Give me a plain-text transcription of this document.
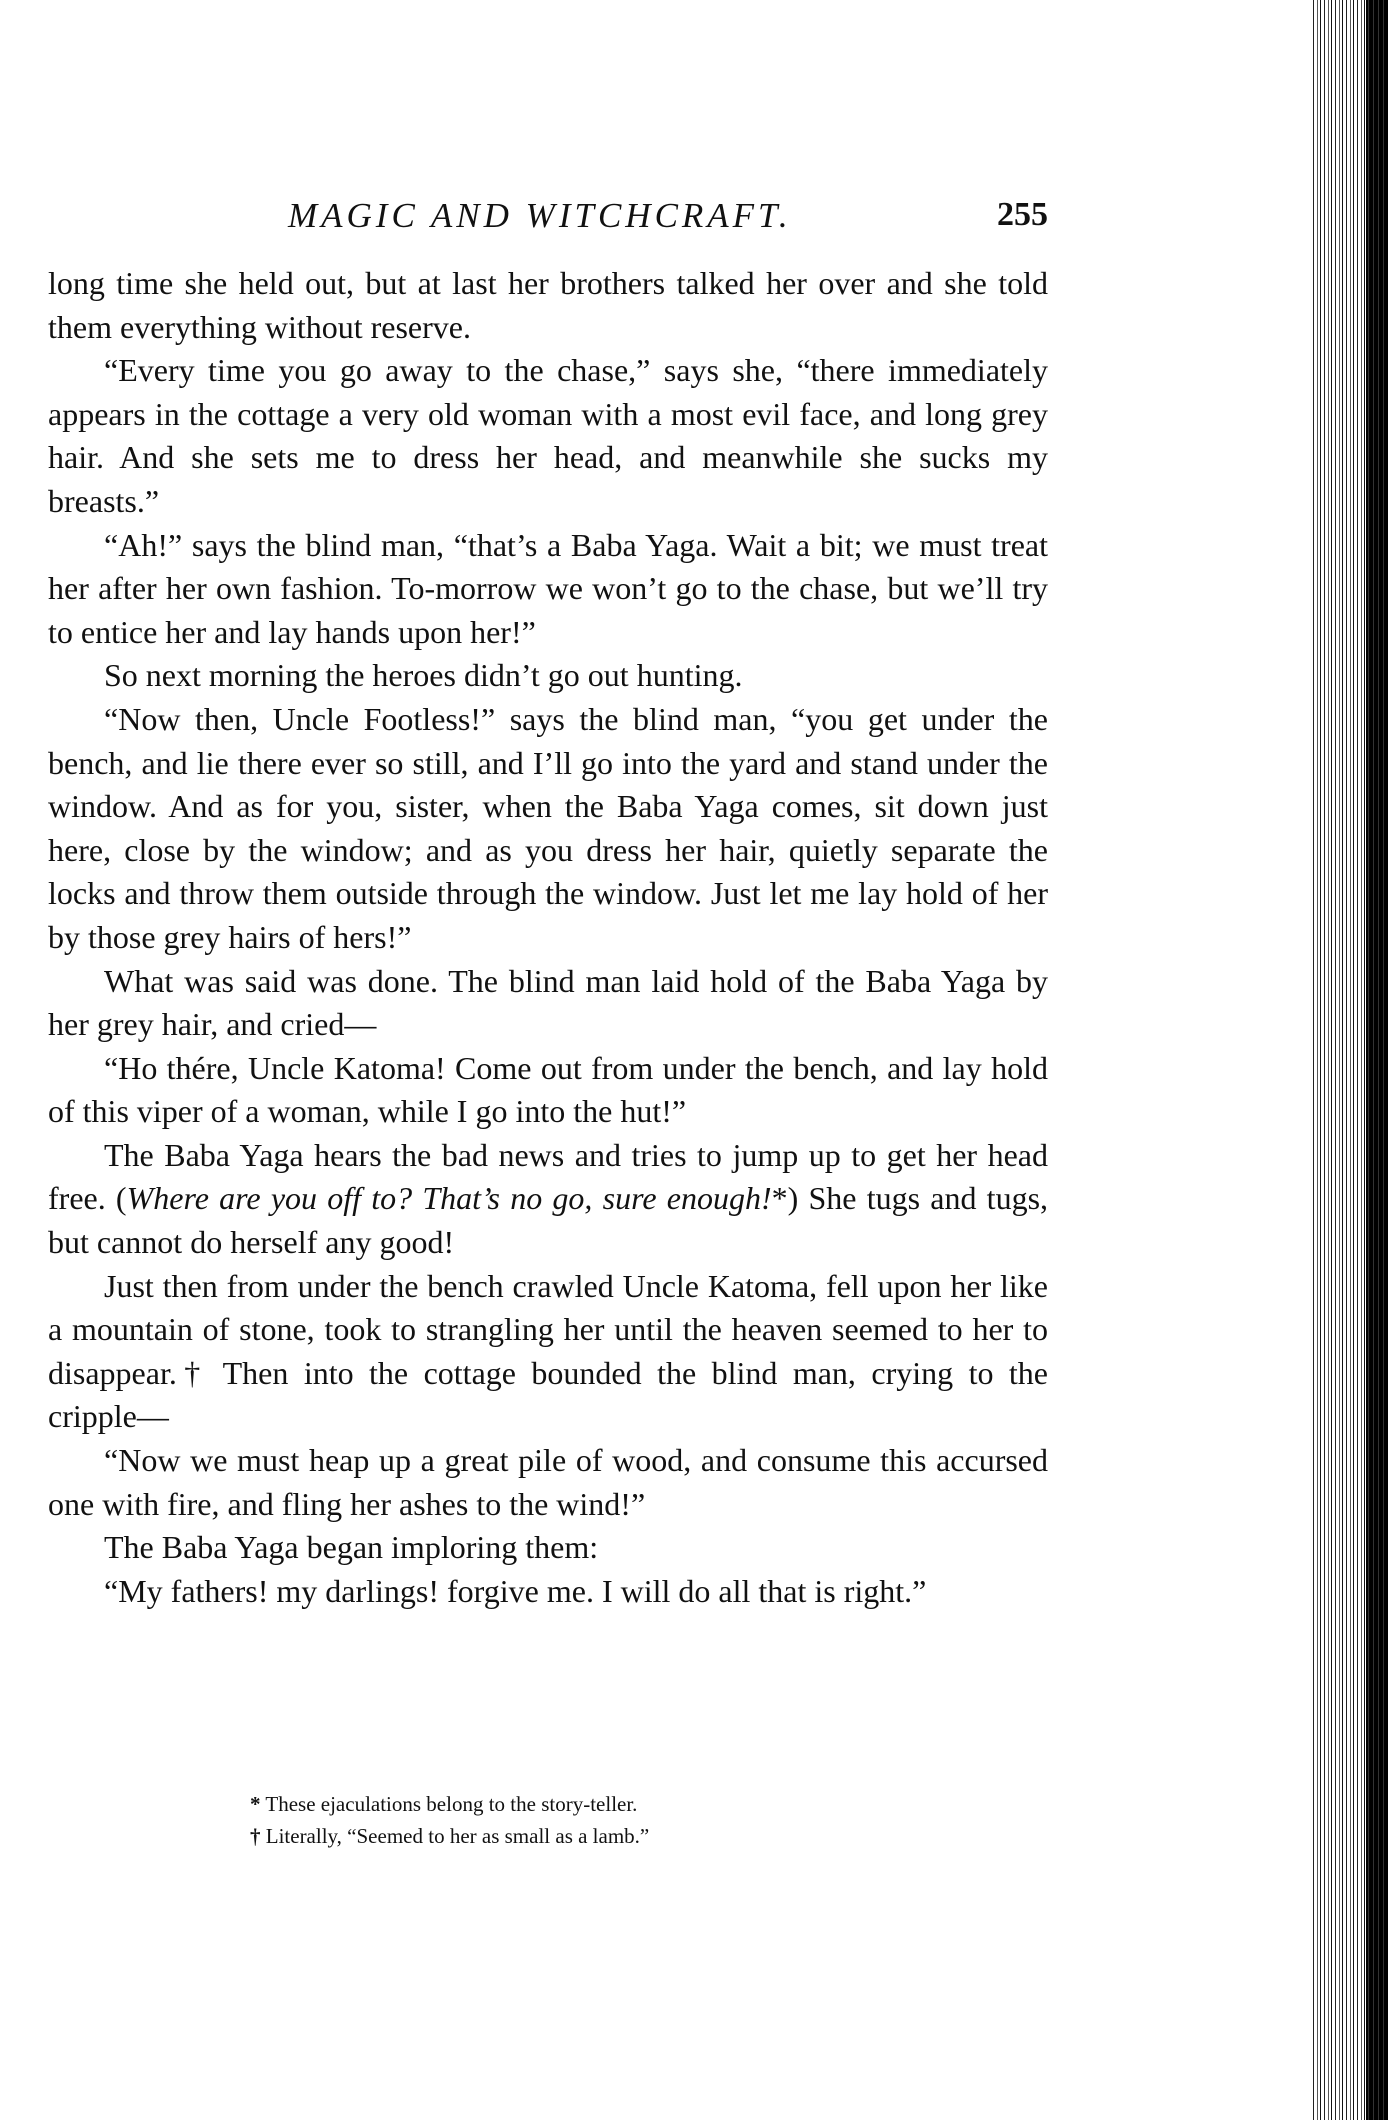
MAGIC AND WITCHCRAFT.	255

long time she held out, but at last her brothers talked her over and she told them everything without reserve.

“Every time you go away to the chase,” says she, “there immediately appears in the cottage a very old woman with a most evil face, and long grey hair. And she sets me to dress her head, and meanwhile she sucks my breasts.”

“Ah!” says the blind man, “that’s a Baba Yaga. Wait a bit; we must treat her after her own fashion. To-morrow we won’t go to the chase, but we’ll try to entice her and lay hands upon her!”

So next morning the heroes didn’t go out hunting.

“Now then, Uncle Footless!” says the blind man, “you get under the bench, and lie there ever so still, and I’ll go into the yard and stand under the window. And as for you, sister, when the Baba Yaga comes, sit down just here, close by the window; and as you dress her hair, quietly separate the locks and throw them outside through the window. Just let me lay hold of her by those grey hairs of hers!”

What was said was done. The blind man laid hold of the Baba Yaga by her grey hair, and cried—

“Ho thére, Uncle Katoma! Come out from under the bench, and lay hold of this viper of a woman, while I go into the hut!”

The Baba Yaga hears the bad news and tries to jump up to get her head free. (Where are you off to? That’s no go, sure enough!*) She tugs and tugs, but cannot do herself any good!

Just then from under the bench crawled Uncle Katoma, fell upon her like a mountain of stone, took to strangling her until the heaven seemed to her to disappear.† Then into the cottage bounded the blind man, crying to the cripple—

“Now we must heap up a great pile of wood, and consume this accursed one with fire, and fling her ashes to the wind!”

The Baba Yaga began imploring them:

“My fathers! my darlings! forgive me. I will do all that is right.”

* These ejaculations belong to the story-teller.

† Literally, “Seemed to her as small as a lamb.”
